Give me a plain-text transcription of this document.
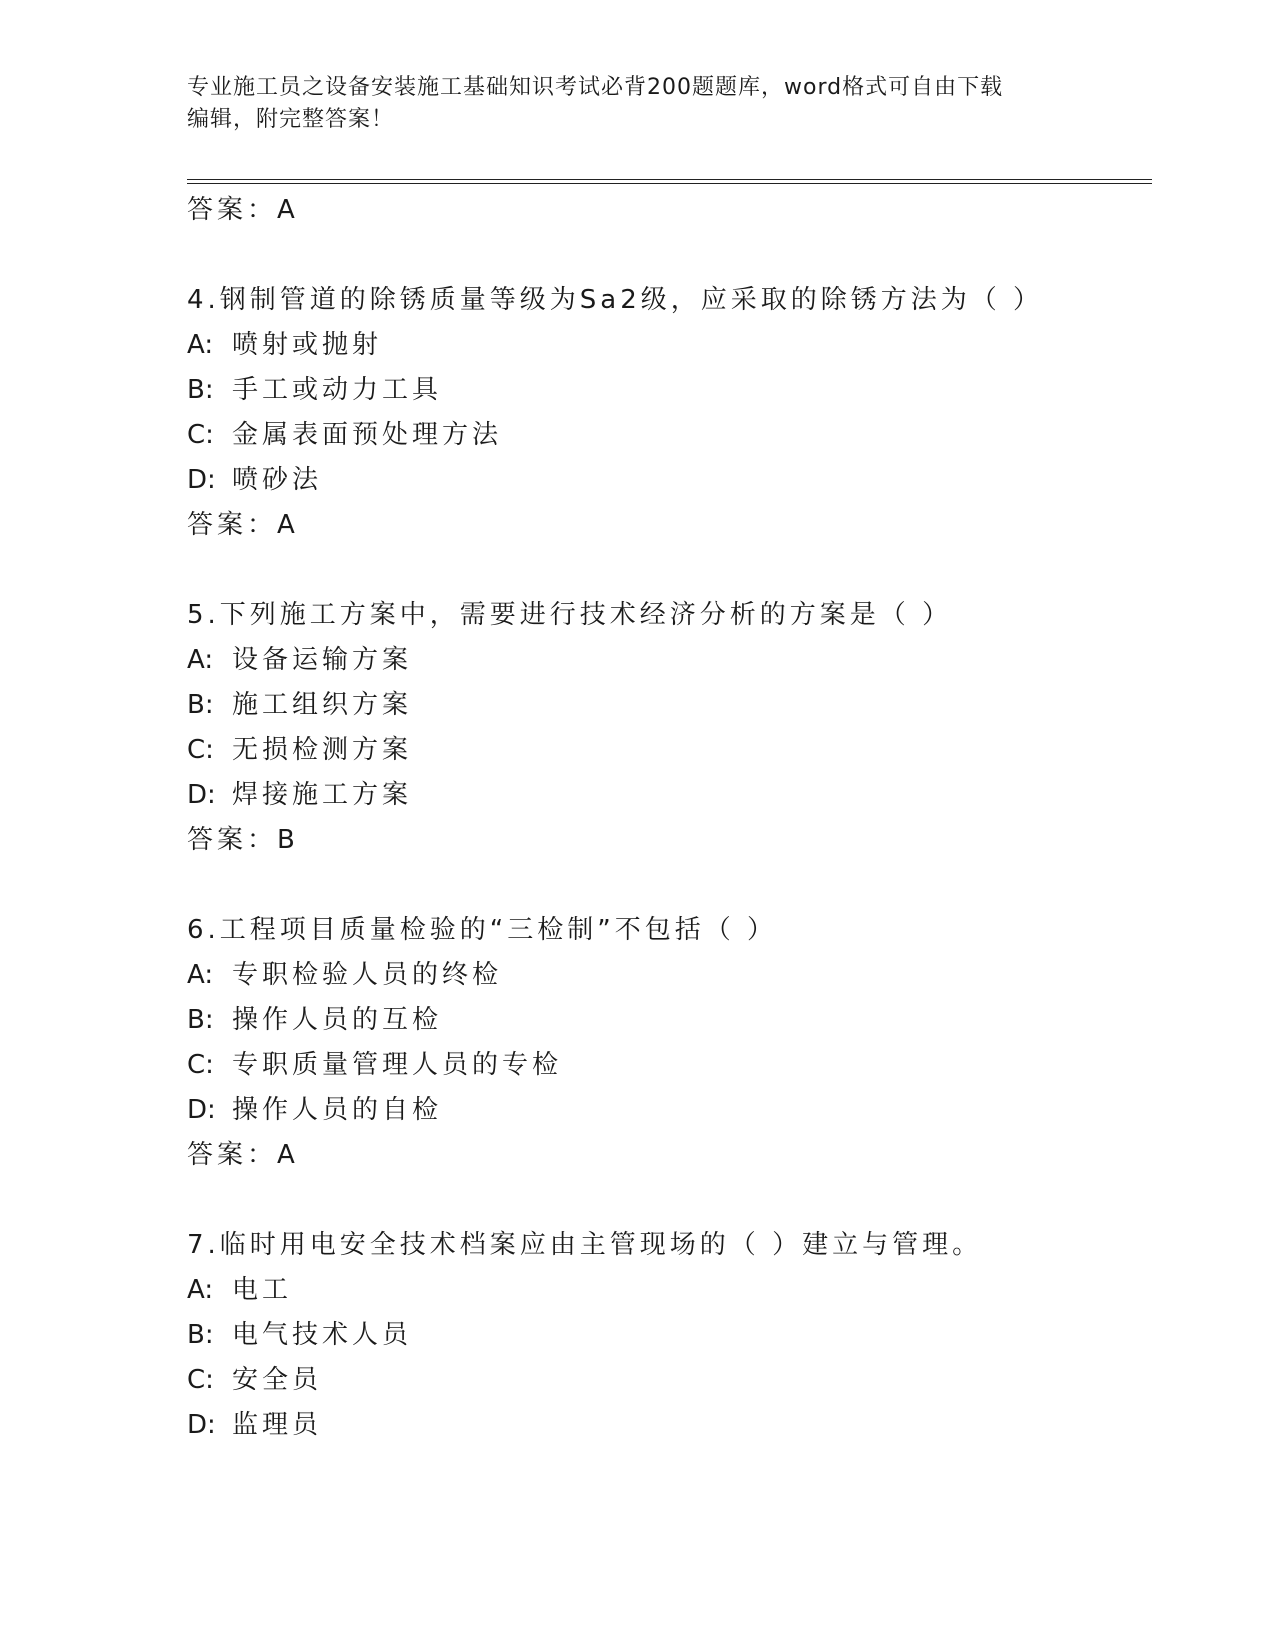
专业施工员之设备安装施工基础知识考试必背200题题库，word格式可自由下载
编辑，附完整答案！
答案：A
4.钢制管道的除锈质量等级为Sa2级，应采取的除锈方法为（ ）
A: 喷射或抛射
B: 手工或动力工具
C: 金属表面预处理方法
D: 喷砂法
答案：A
5.下列施工方案中，需要进行技术经济分析的方案是（ ）
A: 设备运输方案
B: 施工组织方案
C: 无损检测方案
D: 焊接施工方案
答案：B
6.工程项目质量检验的“三检制”不包括（ ）
A: 专职检验人员的终检
B: 操作人员的互检
C: 专职质量管理人员的专检
D: 操作人员的自检
答案：A
7.临时用电安全技术档案应由主管现场的（ ）建立与管理。
A: 电工
B: 电气技术人员
C: 安全员
D: 监理员
